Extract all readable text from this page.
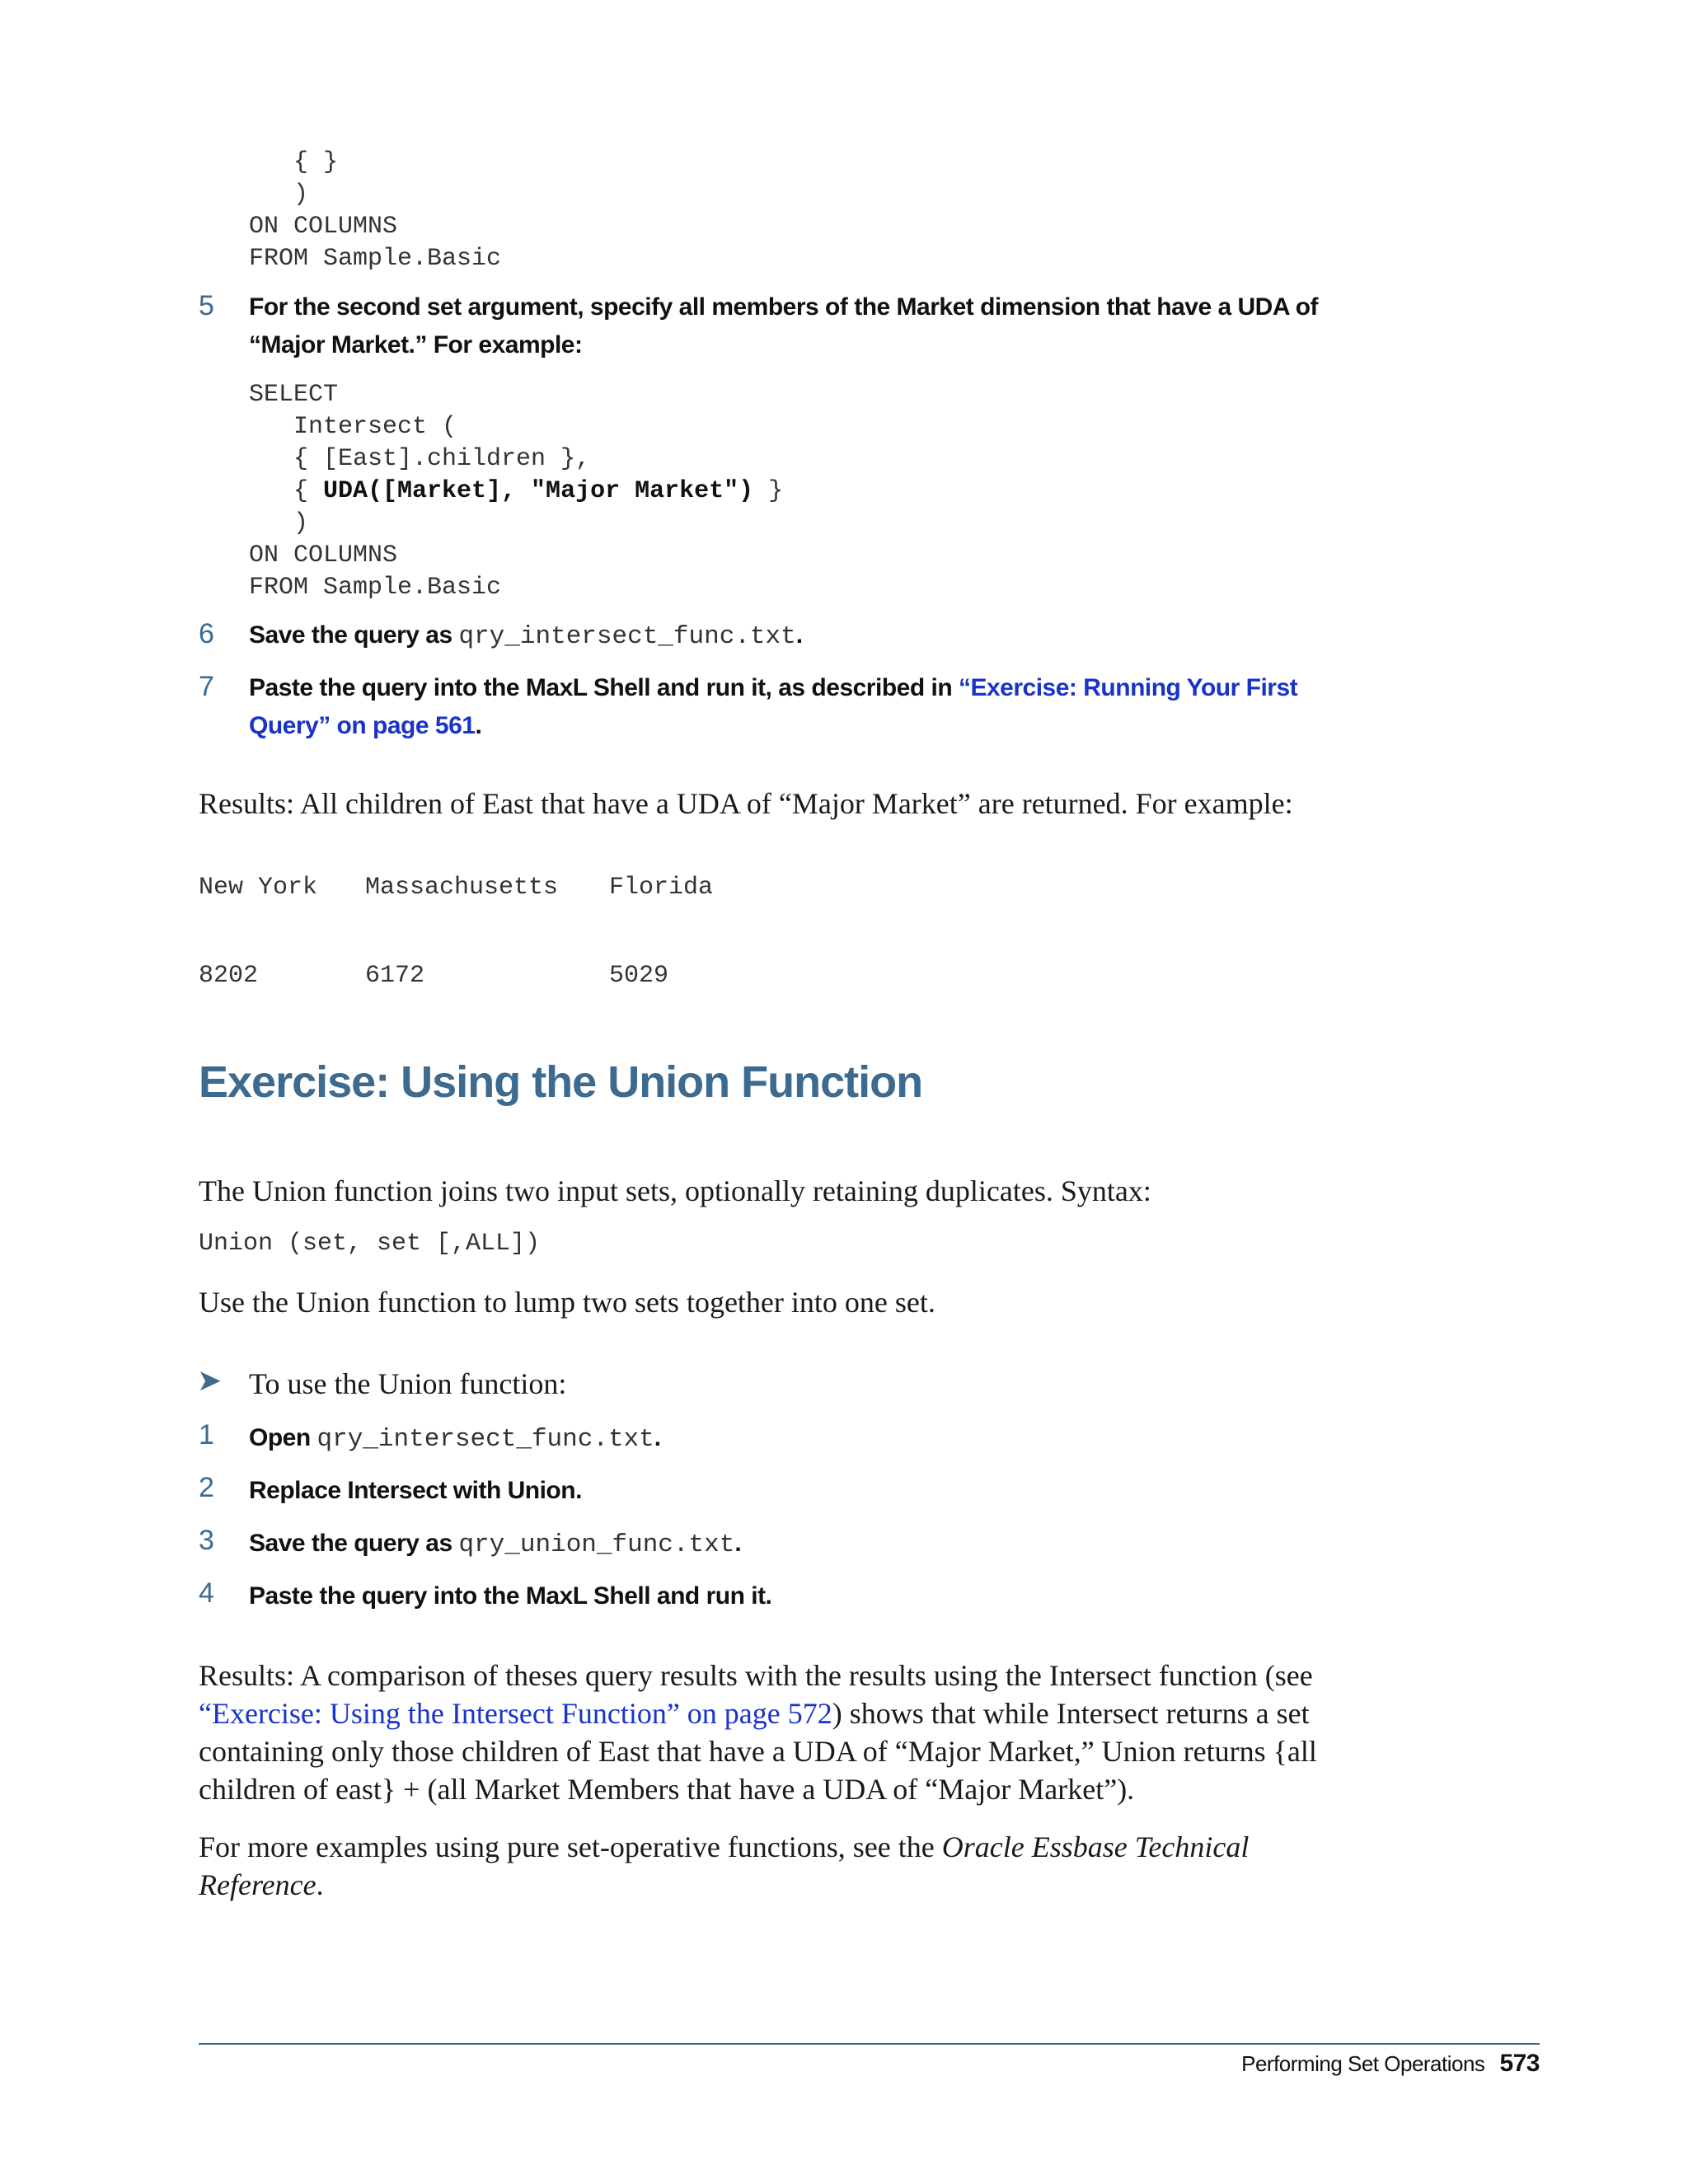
{ }
)
ON COLUMNS
FROM Sample.Basic
5 For the second set argument, specify all members of the Market dimension that have a UDA of “Major Market.” For example:
SELECT
Intersect (
{ [East].children },
{ UDA([Market], "Major Market") }
)
ON COLUMNS
FROM Sample.Basic
6 Save the query as qry_intersect_func.txt.
7 Paste the query into the MaxL Shell and run it, as described in “Exercise: Running Your First Query” on page 561.
Results: All children of East that have a UDA of “Major Market” are returned. For example:
New York Massachusetts Florida
8202	6172	5029
Exercise: Using the Union Function
The Union function joins two input sets, optionally retaining duplicates. Syntax:
Union (set, set [,ALL])
Use the Union function to lump two sets together into one set.
➤ To use the Union function:
1 Open qry_intersect_func.txt.
2 Replace Intersect with Union.
3 Save the query as qry_union_func.txt.
4 Paste the query into the MaxL Shell and run it.
Results: A comparison of theses query results with the results using the Intersect function (see “Exercise: Using the Intersect Function” on page 572) shows that while Intersect returns a set containing only those children of East that have a UDA of “Major Market,” Union returns {all children of east} + (all Market Members that have a UDA of “Major Market”).
For more examples using pure set-operative functions, see the Oracle Essbase Technical Reference.
Performing Set Operations 573
